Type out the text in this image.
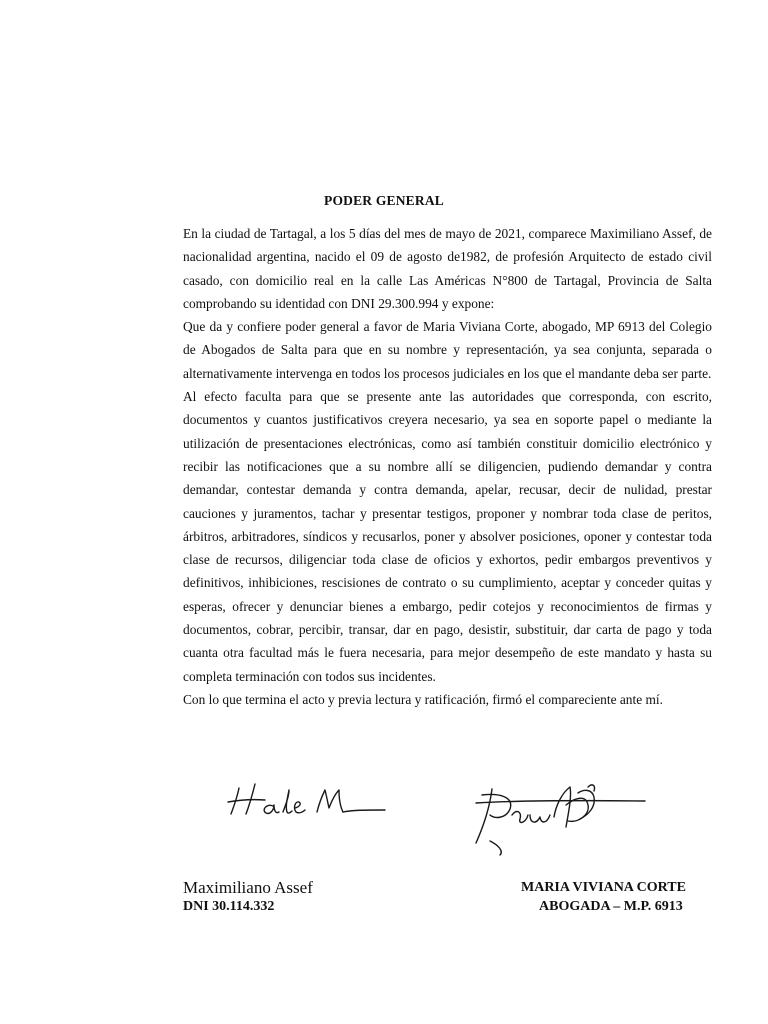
PODER GENERAL

En la ciudad de Tartagal, a los 5 días del mes de mayo de 2021, comparece Maximiliano Assef, de nacionalidad argentina, nacido el 09 de agosto de1982, de profesión Arquitecto de estado civil casado, con domicilio real en la calle Las Américas N°800 de Tartagal, Provincia de Salta comprobando su identidad con DNI 29.300.994 y expone:

Que da y confiere poder general a favor de Maria Viviana Corte, abogado, MP 6913 del Colegio de Abogados de Salta para que en su nombre y representación, ya sea conjunta, separada o alternativamente intervenga en todos los procesos judiciales en los que el mandante deba ser parte.

Al efecto faculta para que se presente ante las autoridades que corresponda, con escrito, documentos y cuantos justificativos creyera necesario, ya sea en soporte papel o mediante la utilización de presentaciones electrónicas, como así también constituir domicilio electrónico y recibir las notificaciones que a su nombre allí se diligencien, pudiendo demandar y contra demandar, contestar demanda y contra demanda, apelar, recusar, decir de nulidad, prestar cauciones y juramentos, tachar y presentar testigos, proponer y nombrar toda clase de peritos, árbitros, arbitradores, síndicos y recusarlos, poner y absolver posiciones, oponer y contestar toda clase de recursos, diligenciar toda clase de oficios y exhortos, pedir embargos preventivos y definitivos, inhibiciones, rescisiones de contrato o su cumplimiento, aceptar y conceder quitas y esperas, ofrecer y denunciar bienes a embargo, pedir cotejos y reconocimientos de firmas y documentos, cobrar, percibir, transar, dar en pago, desistir, substituir, dar carta de pago y toda cuanta otra facultad más le fuera necesaria, para mejor desempeño de este mandato y hasta su completa terminación con todos sus incidentes.

Con lo que termina el acto y previa lectura y ratificación, firmó el compareciente ante mí.

Maximiliano Assef
DNI 30.114.332
MARIA VIVIANA CORTE
ABOGADA – M.P. 6913
